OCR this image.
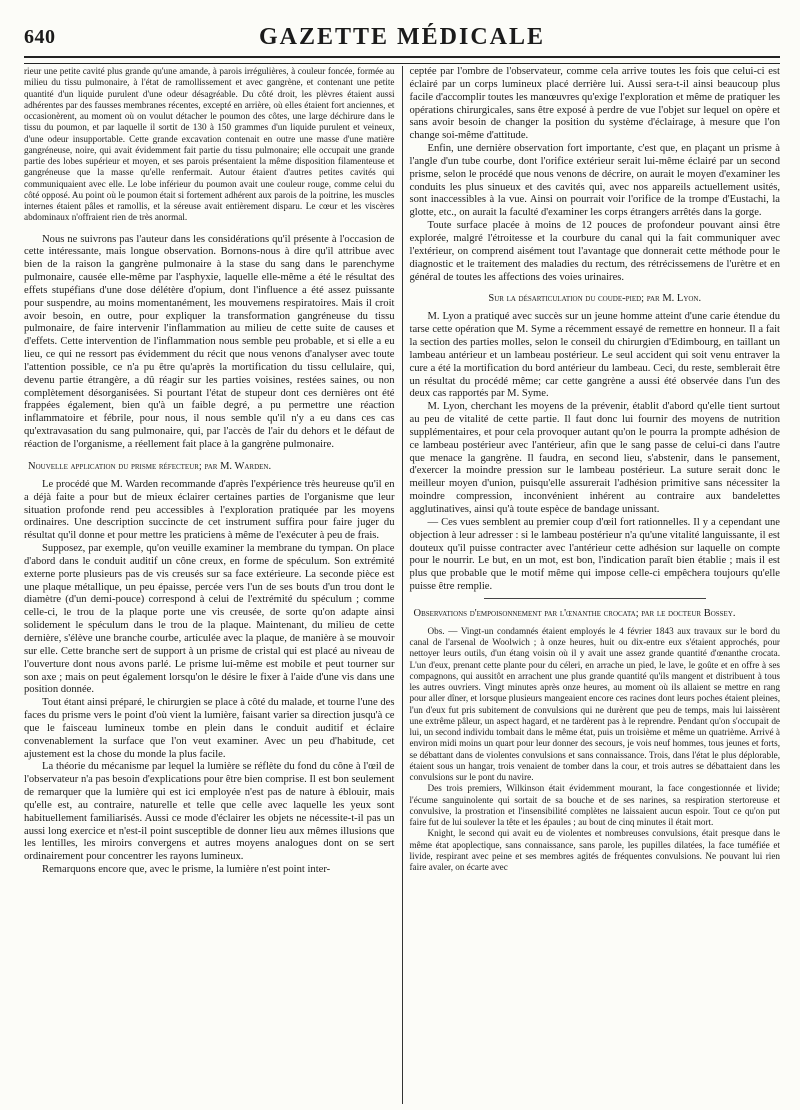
640	GAZETTE MÉDICALE

rieur une petite cavité plus grande qu'une amande, à parois irrégulières, à couleur foncée, formée au milieu du tissu pulmonaire, à l'état de ramollissement et avec gangrène, et contenant une petite quantité d'un liquide purulent d'une odeur désagréable. Du côté droit, les plèvres étaient aussi adhérentes par des fausses membranes récentes, excepté en arrière, où elles étaient fort anciennes, et occasionèrent, au moment où on voulut détacher le poumon des côtes, une large déchirure dans le tissu du poumon, et par laquelle il sortit de 130 à 150 grammes d'un liquide purulent et veineux, d'une odeur insupportable. Cette grande excavation contenait en outre une masse d'une matière gangréneuse, noire, qui avait évidemment fait partie du tissu pulmonaire; elle occupait une grande partie des lobes supérieur et moyen, et ses parois présentaient la même disposition filamenteuse et gangréneuse que la masse qu'elle renfermait. Autour étaient d'autres petites cavités qui communiquaient avec elle. Le lobe inférieur du poumon avait une couleur rouge, comme celui du côté opposé. Au point où le poumon était si fortement adhérent aux parois de la poitrine, les muscles internes étaient pâles et ramollis, et la séreuse avait entièrement disparu. Le cœur et les viscères abdominaux n'offraient rien de très anormal.

Nous ne suivrons pas l'auteur dans les considérations qu'il présente à l'occasion de cette intéressante, mais longue observation. Bornons-nous à dire qu'il attribue avec bien de la raison la gangrène pulmonaire à la stase du sang dans le parenchyme pulmonaire, causée elle-même par l'asphyxie, laquelle elle-même a été le résultat des effets stupéfians d'une dose délétère d'opium, dont l'influence a été assez puissante pour suspendre, au moins momentanément, les mouvemens respiratoires. Mais il croit avoir besoin, en outre, pour expliquer la transformation gangréneuse du tissu pulmonaire, de faire intervenir l'inflammation au milieu de cette suite de causes et d'effets. Cette intervention de l'inflammation nous semble peu probable, et si elle a eu lieu, ce qui ne ressort pas évidemment du récit que nous venons d'analyser avec toute l'attention possible, ce n'a pu être qu'après la mortification du tissu cellulaire, qui, devenu partie étrangère, a dû réagir sur les parties voisines, restées saines, ou non complètement désorganisées. Si pourtant l'état de stupeur dont ces dernières ont été frappées également, bien qu'à un faible degré, a pu permettre une réaction inflammatoire et fébrile, pour nous, il nous semble qu'il n'y a eu dans ces cas qu'extravasation du sang pulmonaire, qui, par l'accès de l'air du dehors et le défaut de réaction de l'organisme, a réellement fait place à la gangrène pulmonaire.

Nouvelle application du prisme réfecteur; par M. Warden.

Le procédé que M. Warden recommande d'après l'expérience très heureuse qu'il en a déjà faite a pour but de mieux éclairer certaines parties de l'organisme que leur situation profonde rend peu accessibles à l'exploration pratiquée par les moyens ordinaires. Une description succincte de cet instrument suffira pour faire juger du résultat qu'il donne et pour mettre les praticiens à même de l'exécuter à peu de frais.

Supposez, par exemple, qu'on veuille examiner la membrane du tympan. On place d'abord dans le conduit auditif un cône creux, en forme de spéculum. Son extrémité externe porte plusieurs pas de vis creusés sur sa face extérieure. La seconde pièce est une plaque métallique, un peu épaisse, percée vers l'un de ses bouts d'un trou dont le diamètre (d'un demi-pouce) correspond à celui de l'extrémité du spéculum ; comme celle-ci, le trou de la plaque porte une vis creusée, de sorte qu'on adapte ainsi solidement le spéculum dans le trou de la plaque. Maintenant, du milieu de cette dernière, s'élève une branche courbe, articulée avec la plaque, de manière à se mouvoir sur elle. Cette branche sert de support à un prisme de cristal qui est placé au niveau de l'ouverture dont nous avons parlé. Le prisme lui-même est mobile et peut tourner sur son axe ; mais on peut également lorsqu'on le désire le fixer à l'aide d'une vis dans une position donnée.

Tout étant ainsi préparé, le chirurgien se place à côté du malade, et tourne l'une des faces du prisme vers le point d'où vient la lumière, faisant varier sa direction jusqu'à ce que le faisceau lumineux tombe en plein dans le conduit auditif et éclaire convenablement la surface que l'on veut examiner. Avec un peu d'habitude, cet ajustement est la chose du monde la plus facile.

La théorie du mécanisme par lequel la lumière se réflète du fond du cône à l'œil de l'observateur n'a pas besoin d'explications pour être bien comprise. Il est bon seulement de remarquer que la lumière qui est ici employée n'est pas de nature à éblouir, mais qu'elle est, au contraire, naturelle et telle que celle avec laquelle les yeux sont habituellement familiarisés. Aussi ce mode d'éclairer les objets ne nécessite-t-il pas un aussi long exercice et n'est-il point susceptible de donner lieu aux mêmes illusions que les lentilles, les miroirs convergens et autres moyens analogues dont on se sert ordinairement pour concentrer les rayons lumineux.

Remarquons encore que, avec le prisme, la lumière n'est point inter-

ceptée par l'ombre de l'observateur, comme cela arrive toutes les fois que celui-ci est éclairé par un corps lumineux placé derrière lui. Aussi sera-t-il ainsi beaucoup plus facile d'accomplir toutes les manœuvres qu'exige l'exploration et même de pratiquer les opérations chirurgicales, sans être exposé à perdre de vue l'objet sur lequel on opère et sans avoir besoin de changer la position du système d'éclairage, à mesure que l'on change soi-même d'attitude.

Enfin, une dernière observation fort importante, c'est que, en plaçant un prisme à l'angle d'un tube courbe, dont l'orifice extérieur serait lui-même éclairé par un second prisme, selon le procédé que nous venons de décrire, on aurait le moyen d'examiner les conduits les plus sinueux et des cavités qui, avec nos appareils actuellement usités, sont inaccessibles à la vue. Ainsi on pourrait voir l'orifice de la trompe d'Eustachi, la glotte, etc., on aurait la faculté d'examiner les corps étrangers arrêtés dans la gorge.

Toute surface placée à moins de 12 pouces de profondeur pouvant ainsi être explorée, malgré l'étroitesse et la courbure du canal qui la fait communiquer avec l'extérieur, on comprend aisément tout l'avantage que donnerait cette méthode pour le diagnostic et le traitement des maladies du rectum, des rétrécissemens de l'urètre et en général de toutes les affections des voies urinaires.

Sur la désarticulation du coude-pied; par M. Lyon.

M. Lyon a pratiqué avec succès sur un jeune homme atteint d'une carie étendue du tarse cette opération que M. Syme a récemment essayé de remettre en honneur. Il a fait la section des parties molles, selon le conseil du chirurgien d'Edimbourg, en taillant un lambeau antérieur et un lambeau postérieur. Le seul accident qui soit venu entraver la cure a été la mortification du bord antérieur du lambeau. Ceci, du reste, semblerait être un résultat du procédé même; car cette gangrène a aussi été observée dans l'un des deux cas rapportés par M. Syme.

M. Lyon, cherchant les moyens de la prévenir, établit d'abord qu'elle tient surtout au peu de vitalité de cette partie. Il faut donc lui fournir des moyens de nutrition supplémentaires, et pour cela provoquer autant qu'on le pourra la prompte adhésion de ce lambeau postérieur avec l'antérieur, afin que le sang passe de celui-ci dans l'autre que menace la gangrène. Il faudra, en second lieu, s'abstenir, dans le pansement, d'exercer la moindre pression sur le lambeau postérieur. La suture serait donc le meilleur moyen d'union, puisqu'elle assurerait l'adhésion primitive sans nécessiter la moindre compression, inconvénient inhérent au contraire aux bandelettes agglutinatives, ainsi qu'à toute espèce de bandage unissant.

— Ces vues semblent au premier coup d'œil fort rationnelles. Il y a cependant une objection à leur adresser : si le lambeau postérieur n'a qu'une vitalité languissante, il est douteux qu'il puisse contracter avec l'antérieur cette adhésion sur laquelle on compte pour le nourrir. Le but, en un mot, est bon, l'indication paraît bien établie ; mais il est plus que probable que le motif même qui impose celle-ci empêchera toujours qu'elle puisse être remplie.

Observations d'empoisonnement par l'œnanthe crocata; par le docteur Bossey.

Obs. — Vingt-un condamnés étaient employés le 4 février 1843 aux travaux sur le bord du canal de l'arsenal de Woolwich ; à onze heures, huit ou dix-entre eux s'étaient approchés, pour nettoyer leurs outils, d'un étang voisin où il y avait une assez grande quantité d'œnanthe crocata. L'un d'eux, prenant cette plante pour du céleri, en arrache un pied, le lave, le goûte et en offre à ses compagnons, qui aussitôt en arrachent une plus grande quantité qu'ils mangent et distribuent à tous les autres ouvriers. Vingt minutes après onze heures, au moment où ils allaient se mettre en rang pour aller dîner, et lorsque plusieurs mangeaient encore ces racines dont leurs poches étaient pleines, l'un d'eux fut pris subitement de convulsions qui ne durèrent que peu de temps, mais lui laissèrent une extrême pâleur, un aspect hagard, et ne tardèrent pas à le reprendre. Pendant qu'on s'occupait de lui, un second individu tombait dans le même état, puis un troisième et même un quatrième. Arrivé à environ midi moins un quart pour leur donner des secours, je vois neuf hommes, tous jeunes et forts, se débattant dans de violentes convulsions et sans connaissance. Trois, dans l'état le plus déplorable, étaient sous un hangar, trois venaient de tomber dans la cour, et trois autres se débattaient dans les convulsions sur le pont du navire.

Des trois premiers, Wilkinson était évidemment mourant, la face congestionnée et livide; l'écume sanguinolente qui sortait de sa bouche et de ses narines, sa respiration stertoreuse et convulsive, la prostration et l'insensibilité complètes ne laissaient aucun espoir. Tout ce qu'on put faire fut de lui soulever la tête et les épaules ; au bout de cinq minutes il était mort.

Knight, le second qui avait eu de violentes et nombreuses convulsions, était presque dans le même état apoplectique, sans connaissance, sans parole, les pupilles dilatées, la face tuméfiée et livide, respirant avec peine et ses membres agités de fréquentes convulsions. Ne pouvant lui rien faire avaler, on écarte avec
